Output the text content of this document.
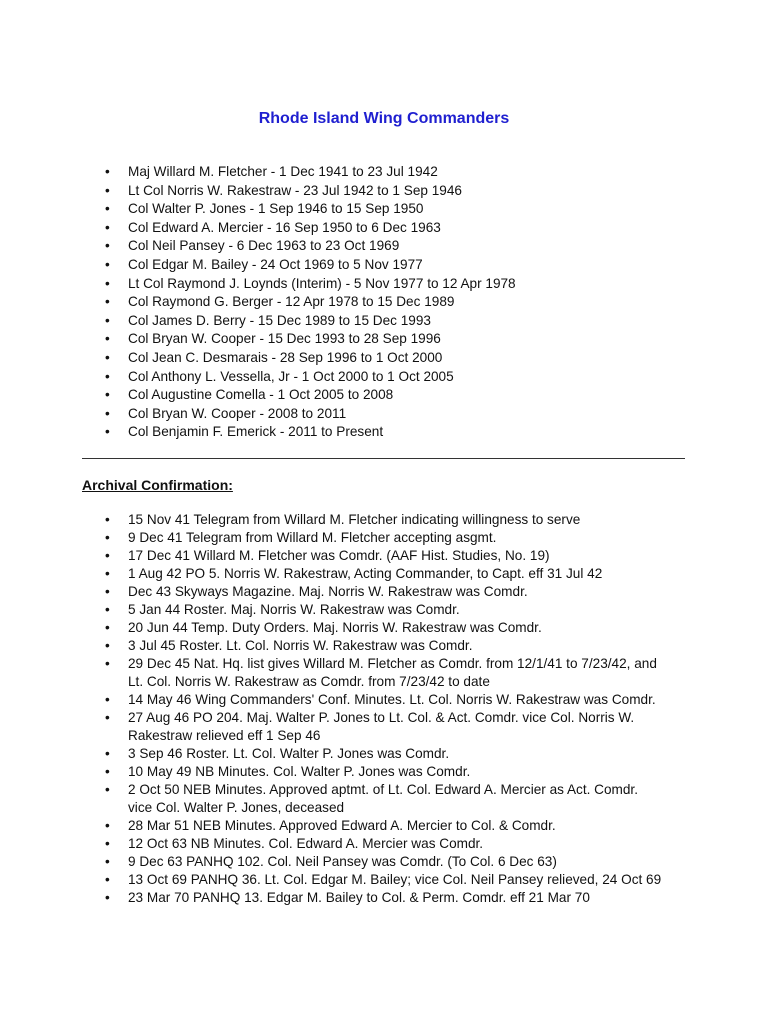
Rhode Island Wing Commanders
• Maj Willard M. Fletcher - 1 Dec 1941 to 23 Jul 1942
• Lt Col Norris W. Rakestraw - 23 Jul 1942 to 1 Sep 1946
• Col Walter P. Jones - 1 Sep 1946 to 15 Sep 1950
• Col Edward A. Mercier - 16 Sep 1950 to 6 Dec 1963
• Col Neil Pansey - 6 Dec 1963 to 23 Oct 1969
• Col Edgar M. Bailey - 24 Oct 1969 to 5 Nov 1977
• Lt Col Raymond J. Loynds (Interim) - 5 Nov 1977 to 12 Apr 1978
• Col Raymond G. Berger - 12 Apr 1978 to 15 Dec 1989
• Col James D. Berry - 15 Dec 1989 to 15 Dec 1993
• Col Bryan W. Cooper - 15 Dec 1993 to 28 Sep 1996
• Col Jean C. Desmarais - 28 Sep 1996 to 1 Oct 2000
• Col Anthony L. Vessella, Jr - 1 Oct 2000 to 1 Oct 2005
• Col Augustine Comella - 1 Oct 2005 to 2008
• Col Bryan W. Cooper - 2008 to 2011
• Col Benjamin F. Emerick - 2011 to Present
Archival Confirmation:
• 15 Nov 41 Telegram from Willard M. Fletcher indicating willingness to serve
• 9 Dec 41 Telegram from Willard M. Fletcher accepting asgmt.
• 17 Dec 41 Willard M. Fletcher was Comdr. (AAF Hist. Studies, No. 19)
• 1 Aug 42 PO 5. Norris W. Rakestraw, Acting Commander, to Capt. eff 31 Jul 42
• Dec 43 Skyways Magazine. Maj. Norris W. Rakestraw was Comdr.
• 5 Jan 44 Roster. Maj. Norris W. Rakestraw was Comdr.
• 20 Jun 44 Temp. Duty Orders. Maj. Norris W. Rakestraw was Comdr.
• 3 Jul 45 Roster. Lt. Col. Norris W. Rakestraw was Comdr.
• 29 Dec 45 Nat. Hq. list gives Willard M. Fletcher as Comdr. from 12/1/41 to 7/23/42, and
Lt. Col. Norris W. Rakestraw as Comdr. from 7/23/42 to date
• 14 May 46 Wing Commanders' Conf. Minutes. Lt. Col. Norris W. Rakestraw was Comdr.
• 27 Aug 46 PO 204. Maj. Walter P. Jones to Lt. Col. & Act. Comdr. vice Col. Norris W.
Rakestraw relieved eff 1 Sep 46
• 3 Sep 46 Roster. Lt. Col. Walter P. Jones was Comdr.
• 10 May 49 NB Minutes. Col. Walter P. Jones was Comdr.
• 2 Oct 50 NEB Minutes. Approved aptmt. of Lt. Col. Edward A. Mercier as Act. Comdr.
vice Col. Walter P. Jones, deceased
• 28 Mar 51 NEB Minutes. Approved Edward A. Mercier to Col. & Comdr.
• 12 Oct 63 NB Minutes. Col. Edward A. Mercier was Comdr.
• 9 Dec 63 PANHQ 102. Col. Neil Pansey was Comdr. (To Col. 6 Dec 63)
• 13 Oct 69 PANHQ 36. Lt. Col. Edgar M. Bailey; vice Col. Neil Pansey relieved, 24 Oct 69
• 23 Mar 70 PANHQ 13. Edgar M. Bailey to Col. & Perm. Comdr. eff 21 Mar 70
